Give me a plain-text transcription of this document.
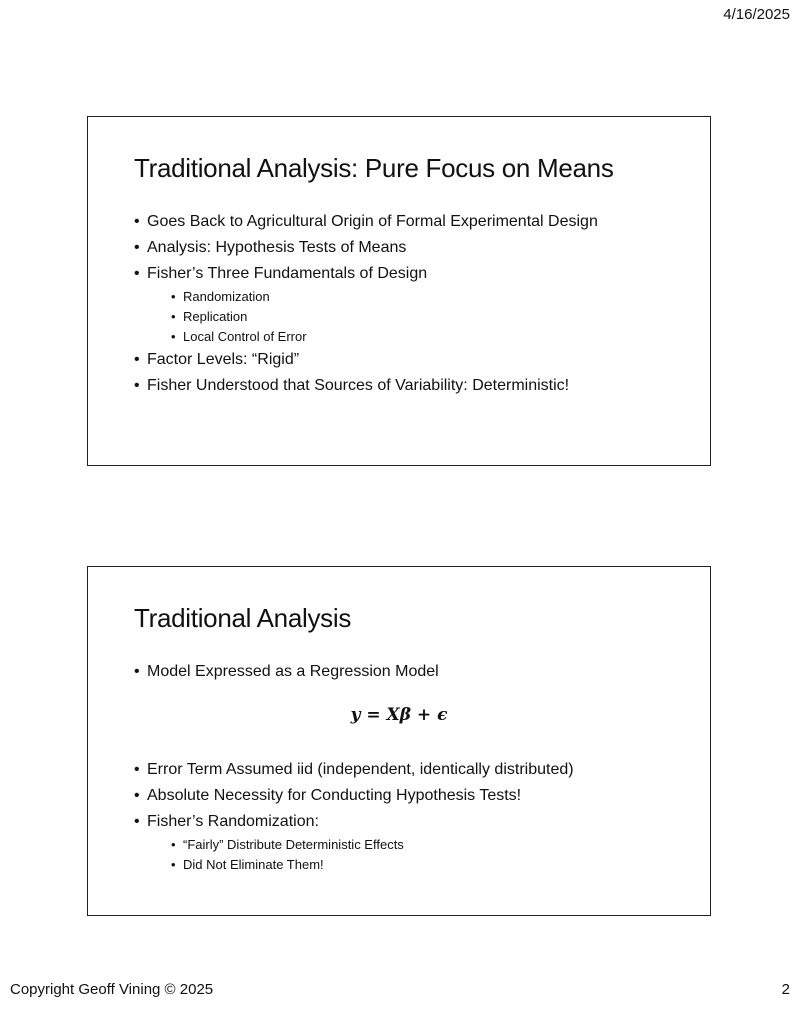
4/16/2025
Traditional Analysis: Pure Focus on Means
• Goes Back to Agricultural Origin of Formal Experimental Design
• Analysis: Hypothesis Tests of Means
• Fisher’s Three Fundamentals of Design
• Randomization
• Replication
• Local Control of Error
• Factor Levels: “Rigid”
• Fisher Understood that Sources of Variability: Deterministic!
Traditional Analysis
• Model Expressed as a Regression Model
y = Xβ + ϵ
• Error Term Assumed iid (independent, identically distributed)
• Absolute Necessity for Conducting Hypothesis Tests!
• Fisher’s Randomization:
• “Fairly” Distribute Deterministic Effects
• Did Not Eliminate Them!
Copyright Geoff Vining © 2025	2
